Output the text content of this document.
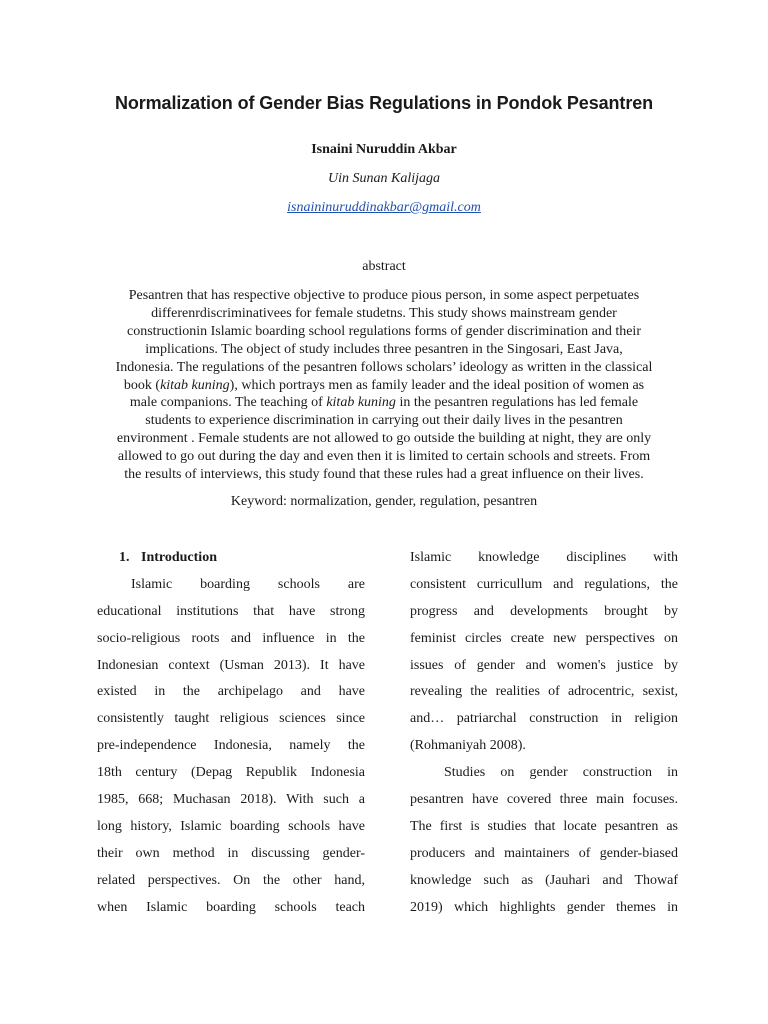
Normalization of Gender Bias Regulations in Pondok Pesantren
Isnaini Nuruddin Akbar
Uin Sunan Kalijaga
isnaininuruddinakbar@gmail.com
abstract
Pesantren that has respective objective to produce pious person, in some aspect perpetuates
differenrdiscriminativees for female studetns. This study shows mainstream gender
constructionin Islamic boarding school regulations forms of gender discrimination and their
implications. The object of study includes three pesantren in the Singosari, East Java,
Indonesia. The regulations of the pesantren follows scholars’ ideology as written in the classical
book (kitab kuning), which portrays men as family leader and the ideal position of women as
male companions. The teaching of kitab kuning in the pesantren regulations has led female
students to experience discrimination in carrying out their daily lives in the pesantren
environment . Female students are not allowed to go outside the building at night, they are only
allowed to go out during the day and even then it is limited to certain schools and streets. From
the results of interviews, this study found that these rules had a great influence on their lives.
Keyword: normalization, gender, regulation, pesantren
1. Introduction
Islamic boarding schools are
educational institutions that have strong
socio-religious roots and influence in the
Indonesian context (Usman 2013). It have
existed in the archipelago and have
consistently taught religious sciences since
pre-independence Indonesia, namely the
18th century (Depag Republik Indonesia
1985, 668; Muchasan 2018). With such a
long history, Islamic boarding schools have
their own method in discussing gender-
related perspectives. On the other hand,
when Islamic boarding schools teach
Islamic knowledge disciplines with
consistent curricullum and regulations, the
progress and developments brought by
feminist circles create new perspectives on
issues of gender and women's justice by
revealing the realities of adrocentric, sexist,
and… patriarchal construction in religion
(Rohmaniyah 2008).
Studies on gender construction in
pesantren have covered three main focuses.
The first is studies that locate pesantren as
producers and maintainers of gender-biased
knowledge such as (Jauhari and Thowaf
2019) which highlights gender themes in
